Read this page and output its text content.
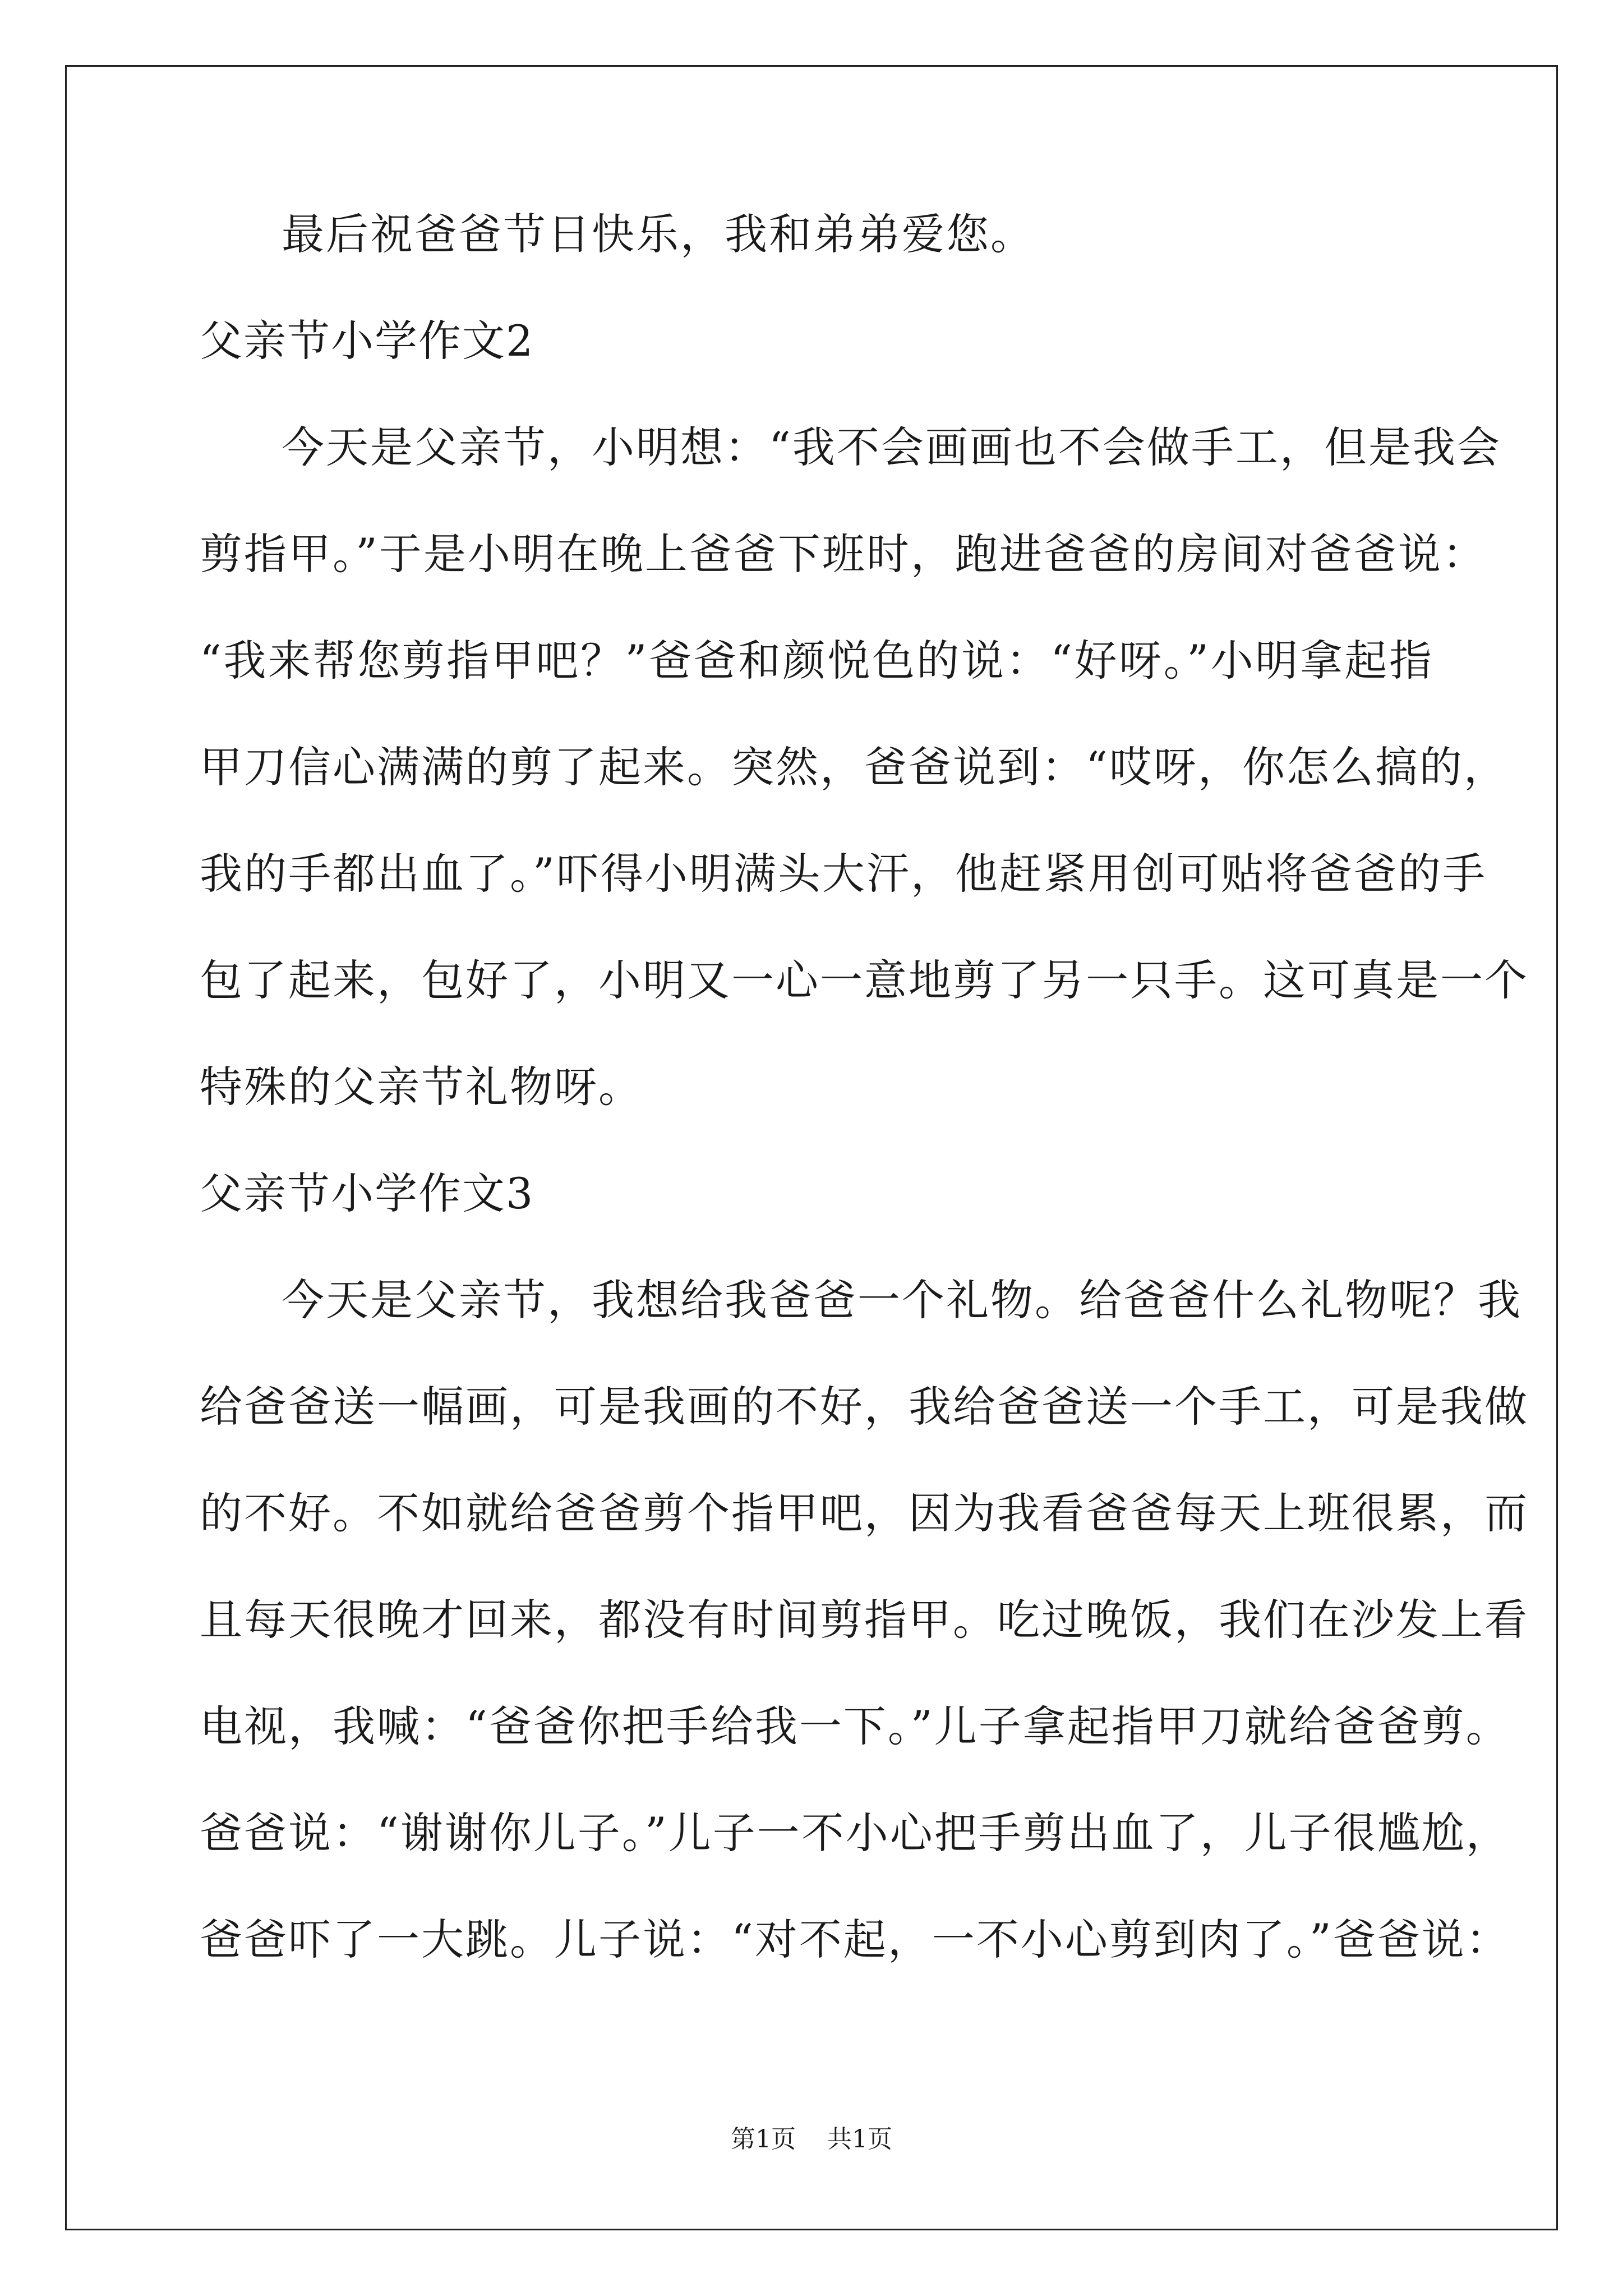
最后祝爸爸节日快乐，我和弟弟爱您。
父亲节小学作文2
今天是父亲节，小明想：“我不会画画也不会做手工，但是我会
剪指甲。”于是小明在晚上爸爸下班时，跑进爸爸的房间对爸爸说：
“我来帮您剪指甲吧？”爸爸和颜悦色的说：“好呀。”小明拿起指
甲刀信心满满的剪了起来。突然，爸爸说到：“哎呀，你怎么搞的，
我的手都出血了。”吓得小明满头大汗，他赶紧用创可贴将爸爸的手
包了起来，包好了，小明又一心一意地剪了另一只手。这可真是一个
特殊的父亲节礼物呀。
父亲节小学作文3
今天是父亲节，我想给我爸爸一个礼物。给爸爸什么礼物呢？我
给爸爸送一幅画，可是我画的不好，我给爸爸送一个手工，可是我做
的不好。不如就给爸爸剪个指甲吧，因为我看爸爸每天上班很累，而
且每天很晚才回来，都没有时间剪指甲。吃过晚饭，我们在沙发上看
电视，我喊：“爸爸你把手给我一下。”儿子拿起指甲刀就给爸爸剪。
爸爸说：“谢谢你儿子。”儿子一不小心把手剪出血了，儿子很尴尬，
爸爸吓了一大跳。儿子说：“对不起，一不小心剪到肉了。”爸爸说：
第1页 共1页
